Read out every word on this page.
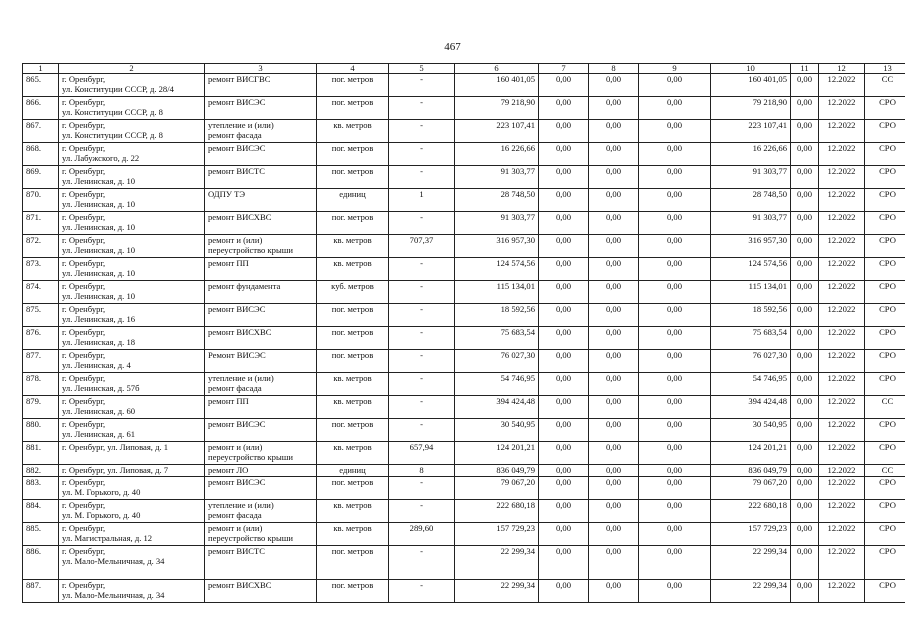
467
1	2	3	4	5	6	7	8	9	10	11	12	13	
865.	г. Оренбург,
ул. Конституции СССР, д. 28/4	ремонт ВИСГВС	пог. метров	-	160 401,05	0,00	0,00	0,00	160 401,05	0,00	12.2022	СС	
866.	г. Оренбург,
ул. Конституции СССР, д. 8	ремонт ВИСЭС	пог. метров	-	79 218,90	0,00	0,00	0,00	79 218,90	0,00	12.2022	СРО	
867.	г. Оренбург,
ул. Конституции СССР, д. 8	утепление и (или)
ремонт фасада	кв. метров	-	223 107,41	0,00	0,00	0,00	223 107,41	0,00	12.2022	СРО	
868.	г. Оренбург,
ул. Лабужского, д. 22	ремонт ВИСЭС	пог. метров	-	16 226,66	0,00	0,00	0,00	16 226,66	0,00	12.2022	СРО	
869.	г. Оренбург,
ул. Ленинская, д. 10	ремонт ВИСТС	пог. метров	-	91 303,77	0,00	0,00	0,00	91 303,77	0,00	12.2022	СРО	
870.	г. Оренбург,
ул. Ленинская, д. 10	ОДПУ ТЭ	единиц	1	28 748,50	0,00	0,00	0,00	28 748,50	0,00	12.2022	СРО	
871.	г. Оренбург,
ул. Ленинская, д. 10	ремонт ВИСХВС	пог. метров	-	91 303,77	0,00	0,00	0,00	91 303,77	0,00	12.2022	СРО	
872.	г. Оренбург,
ул. Ленинская, д. 10	ремонт и (или)
переустройство крыши	кв. метров	707,37	316 957,30	0,00	0,00	0,00	316 957,30	0,00	12.2022	СРО	
873.	г. Оренбург,
ул. Ленинская, д. 10	ремонт ПП	кв. метров	-	124 574,56	0,00	0,00	0,00	124 574,56	0,00	12.2022	СРО	
874.	г. Оренбург,
ул. Ленинская, д. 10	ремонт фундамента	куб. метров	-	115 134,01	0,00	0,00	0,00	115 134,01	0,00	12.2022	СРО	
875.	г. Оренбург,
ул. Ленинская, д. 16	ремонт ВИСЭС	пог. метров	-	18 592,56	0,00	0,00	0,00	18 592,56	0,00	12.2022	СРО	
876.	г. Оренбург,
ул. Ленинская, д. 18	ремонт ВИСХВС	пог. метров	-	75 683,54	0,00	0,00	0,00	75 683,54	0,00	12.2022	СРО	
877.	г. Оренбург,
ул. Ленинская, д. 4	Ремонт ВИСЭС	пог. метров	-	76 027,30	0,00	0,00	0,00	76 027,30	0,00	12.2022	СРО	
878.	г. Оренбург,
ул. Ленинская, д. 57б	утепление и (или)
ремонт фасада	кв. метров	-	54 746,95	0,00	0,00	0,00	54 746,95	0,00	12.2022	СРО	
879.	г. Оренбург,
ул. Ленинская, д. 60	ремонт ПП	кв. метров	-	394 424,48	0,00	0,00	0,00	394 424,48	0,00	12.2022	СС	
880.	г. Оренбург,
ул. Ленинская, д. 61	ремонт ВИСЭС	пог. метров	-	30 540,95	0,00	0,00	0,00	30 540,95	0,00	12.2022	СРО	
881.	г. Оренбург, ул. Липовая, д. 1	ремонт и (или)
переустройство крыши	кв. метров	657,94	124 201,21	0,00	0,00	0,00	124 201,21	0,00	12.2022	СРО	
882.	г. Оренбург, ул. Липовая, д. 7	ремонт ЛО	единиц	8	836 049,79	0,00	0,00	0,00	836 049,79	0,00	12.2022	СС	
883.	г. Оренбург,
ул. М. Горького, д. 40	ремонт ВИСЭС	пог. метров	-	79 067,20	0,00	0,00	0,00	79 067,20	0,00	12.2022	СРО	
884.	г. Оренбург,
ул. М. Горького, д. 40	утепление и (или)
ремонт фасада	кв. метров	-	222 680,18	0,00	0,00	0,00	222 680,18	0,00	12.2022	СРО	
885.	г. Оренбург,
ул. Магистральная, д. 12	ремонт и (или)
переустройство крыши	кв. метров	289,60	157 729,23	0,00	0,00	0,00	157 729,23	0,00	12.2022	СРО	
886.	г. Оренбург,
ул. Мало-Мельничная, д. 34	ремонт ВИСТС	пог. метров	-	22 299,34	0,00	0,00	0,00	22 299,34	0,00	12.2022	СРО	
887.	г. Оренбург,
ул. Мало-Мельничная, д. 34	ремонт ВИСХВС	пог. метров	-	22 299,34	0,00	0,00	0,00	22 299,34	0,00	12.2022	СРО	
